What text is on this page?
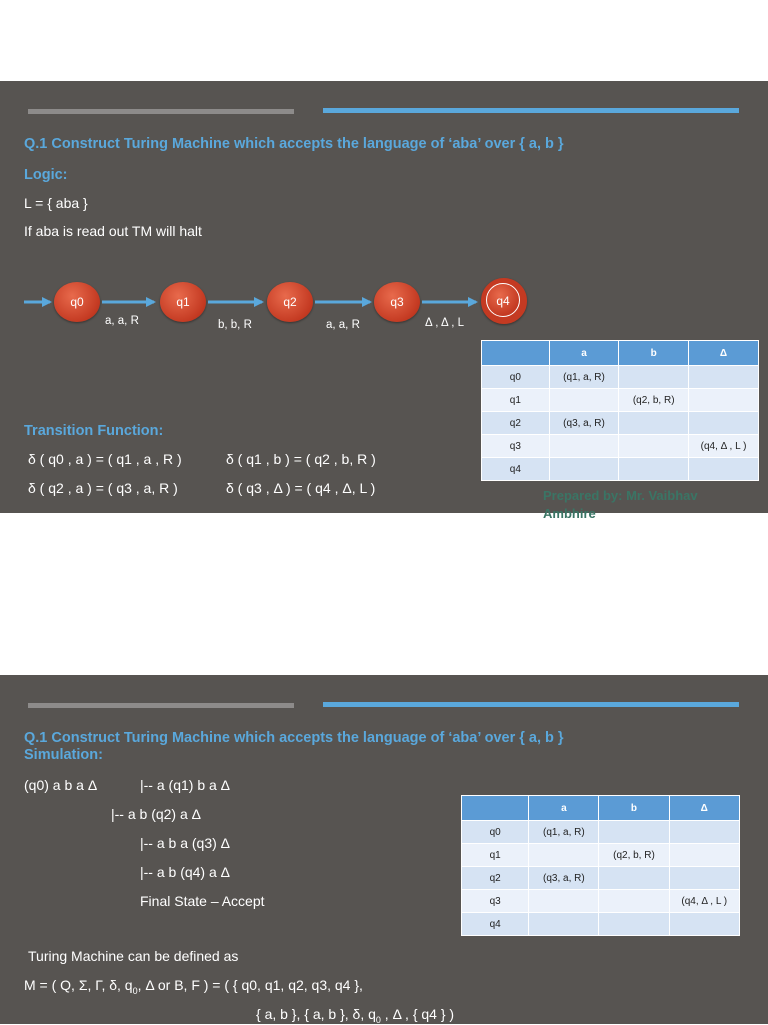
Q.1 Construct Turing Machine which accepts the language of ‘aba’ over { a, b }
Logic:
L = { aba }
If aba is read out TM will halt
q0	q1	q2	q3	q4
a, a, R	b, b, R	a, a, R	Δ , Δ , L
	a	b	Δ
q0	(q1, a, R)		
q1		(q2, b, R)	
q2	(q3, a, R)		
q3			(q4, Δ , L )
q4			
Transition Function:
δ ( q0 , a ) = ( q1 , a , R )	δ ( q1 , b ) = ( q2 , b, R )
δ ( q2 , a ) = ( q3 , a, R )	δ ( q3 , Δ ) = ( q4 , Δ, L )	Prepared by: Mr. Vaibhav Ambhire
Q.1 Construct Turing Machine which accepts the language of ‘aba’ over { a, b }
Simulation:
(q0) a b a Δ	|-- a (q1) b a Δ
|-- a b (q2) a Δ
|-- a b a (q3) Δ
|-- a b (q4) a Δ
Final State – Accept
	a	b	Δ
q0	(q1, a, R)		
q1		(q2, b, R)	
q2	(q3, a, R)		
q3			(q4, Δ , L )
q4			
Turing Machine can be defined as
M = ( Q, Σ, Γ, δ, $q_0$, Δ or B, F ) = ( { q0, q1, q2, q3, q4 },
{ a, b }, { a, b }, δ, $q_0$ , Δ , { q4 } )
